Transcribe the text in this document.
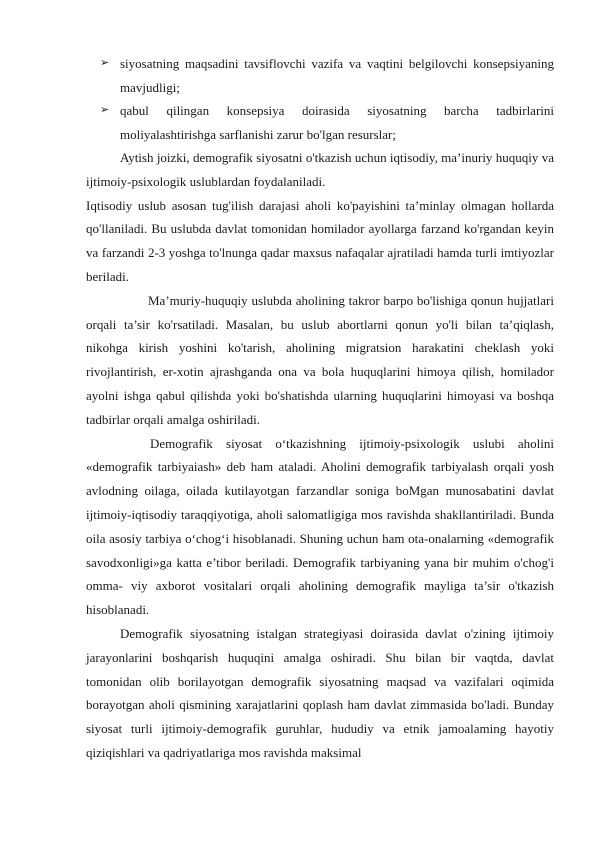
➢ siyosatning maqsadini tavsiflovchi vazifa va vaqtini belgilovchi konsepsiyaning mavjudligi;
➢ qabul qilingan konsepsiya doirasida siyosatning barcha tadbirlarini moliyalashtirishga sarflanishi zarur bo'lgan resurslar;

Aytish joizki, demografik siyosatni o'tkazish uchun iqtisodiy, ma’inuriy huquqiy va ijtimoiy-psixologik uslublardan foydalaniladi.

Iqtisodiy uslub asosan tug'ilish darajasi aholi ko'payishini ta’minlay olmagan hollarda qo'llaniladi. Bu uslubda davlat tomonidan homilador ayollarga farzand ko'rgandan keyin va farzandi 2-3 yoshga to'lnunga qadar maxsus nafaqalar ajratiladi hamda turli imtiyozlar beriladi.

Ma’muriy-huquqiy uslubda aholining takror barpo bo'lishiga qonun hujjatlari orqali ta’sir ko'rsatiladi. Masalan, bu uslub abortlarni qonun yo'li bilan ta’qiqlash, nikohga kirish yoshini ko'tarish, aholining migratsion harakatini cheklash yoki rivojlantirish, er-xotin ajrashganda ona va bola huquqlarini himoya qilish, homilador ayolni ishga qabul qilishda yoki bo'shatishda ularning huquqlarini himoyasi va boshqa tadbirlar orqali amalga oshiriladi.

Demografik siyosat o‘tkazishning ijtimoiy-psixologik uslubi aholini «demografik tarbiyaiash» deb ham ataladi. Aholini demografik tarbiyalash orqali yosh avlodning oilaga, oilada kutilayotgan farzandlar soniga boMgan munosabatini davlat ijtimoiy-iqtisodiy taraqqiyotiga, aholi salomatligiga mos ravishda shakllantiriladi. Bunda oila asosiy tarbiya o‘chog‘i hisoblanadi. Shuning uchun ham ota-onalarning «demografik savodxonligi»ga katta e’tibor beriladi. Demografik tarbiyaning yana bir muhim o'chog'i omma- viy axborot vositalari orqali aholining demografik mayliga ta’sir o'tkazish hisoblanadi.

Demografik siyosatning istalgan strategiyasi doirasida davlat o'zining ijtimoiy jarayonlarini boshqarish huquqini amalga oshiradi. Shu bilan bir vaqtda, davlat tomonidan olib borilayotgan demografik siyosatning maqsad va vazifalari oqimida borayotgan aholi qismining xarajatlarini qoplash ham davlat zimmasida bo'ladi. Bunday siyosat turli ijtimoiy-demografik guruhlar, hududiy va etnik jamoalaming hayotiy qiziqishlari va qadriyatlariga mos ravishda maksimal
